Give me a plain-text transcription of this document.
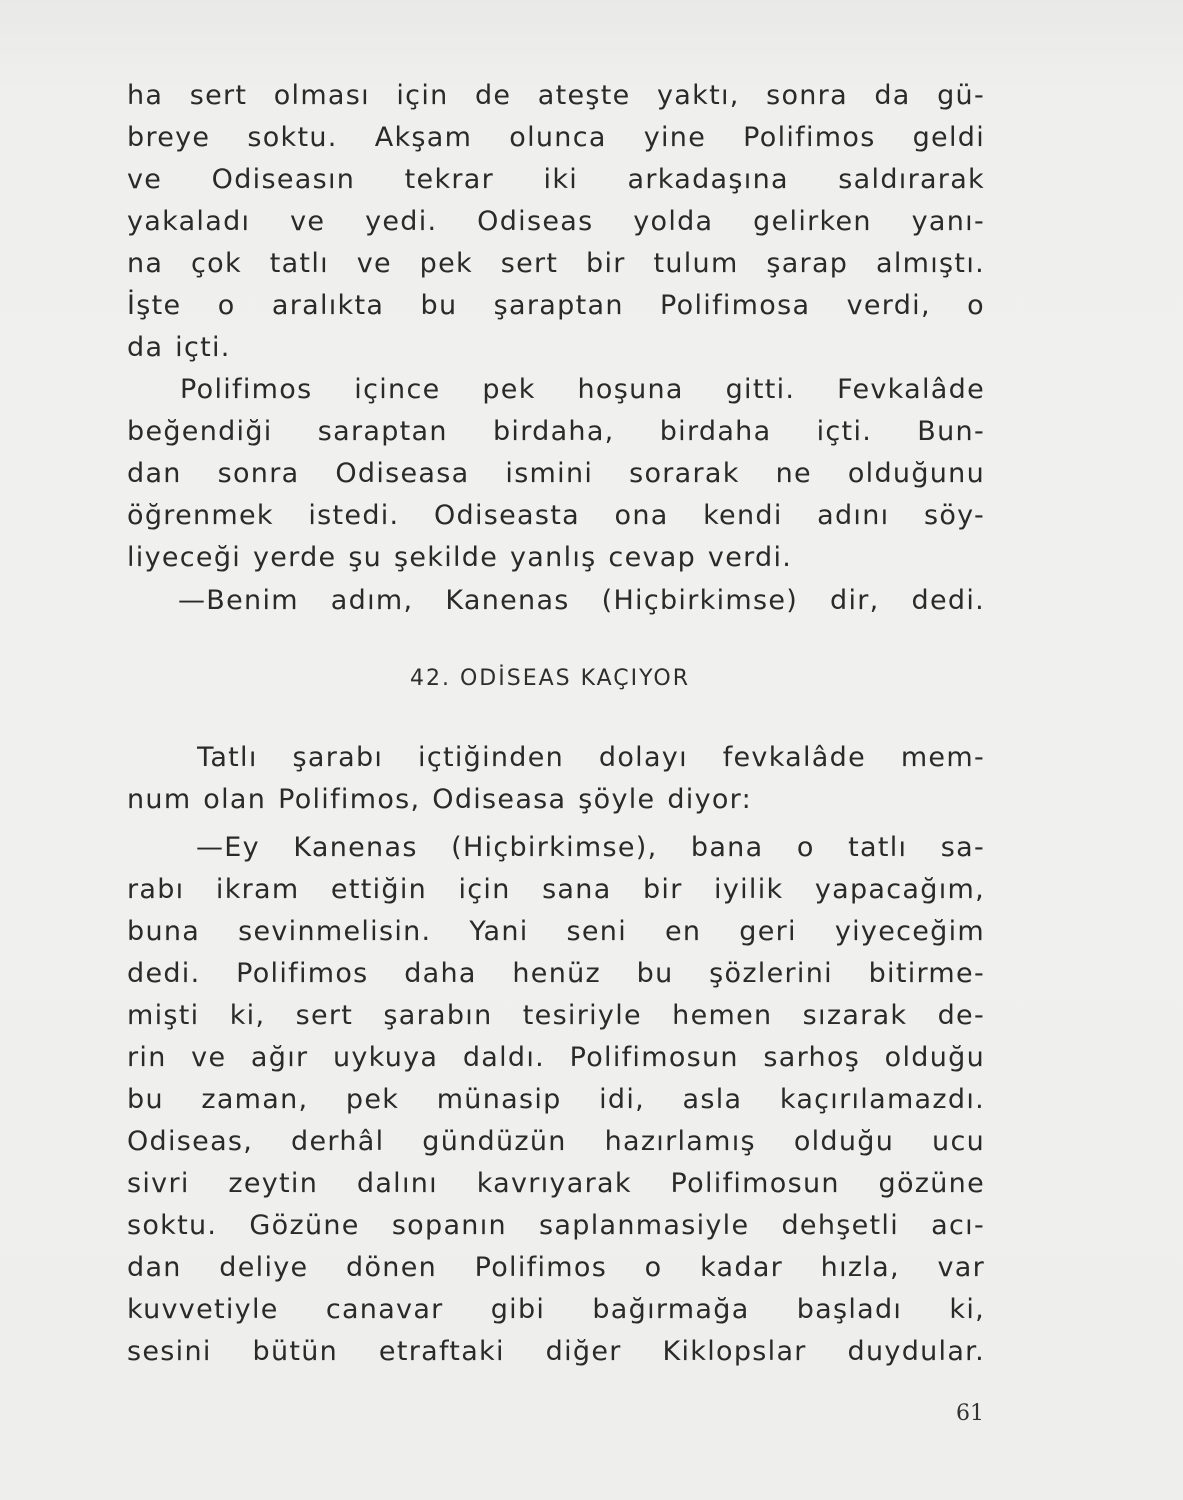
ha sert olması için de ateşte yaktı, sonra da gü-
breye soktu. Akşam olunca yine Polifimos geldi
ve Odiseasın tekrar iki arkadaşına saldırarak
yakaladı ve yedi. Odiseas yolda gelirken yanı-
na çok tatlı ve pek sert bir tulum şarap almıştı.
İşte o aralıkta bu şaraptan Polifimosa verdi, o
da içti.
Polifimos içince pek hoşuna gitti. Fevkalâde
beğendiği saraptan birdaha, birdaha içti. Bun-
dan sonra Odiseasa ismini sorarak ne olduğunu
öğrenmek istedi. Odiseasta ona kendi adını söy-
liyeceği yerde şu şekilde yanlış cevap verdi.
—Benim adım, Kanenas (Hiçbirkimse) dir, dedi.
42. ODİSEAS KAÇIYOR
Tatlı şarabı içtiğinden dolayı fevkalâde mem-
num olan Polifimos, Odiseasa şöyle diyor:
—Ey Kanenas (Hiçbirkimse), bana o tatlı sa-
rabı ikram ettiğin için sana bir iyilik yapacağım,
buna sevinmelisin. Yani seni en geri yiyeceğim
dedi. Polifimos daha henüz bu şözlerini bitirme-
mişti ki, sert şarabın tesiriyle hemen sızarak de-
rin ve ağır uykuya daldı. Polifimosun sarhoş olduğu
bu zaman, pek münasip idi, asla kaçırılamazdı.
Odiseas, derhâl gündüzün hazırlamış olduğu ucu
sivri zeytin dalını kavrıyarak Polifimosun gözüne
soktu. Gözüne sopanın saplanmasiyle dehşetli acı-
dan deliye dönen Polifimos o kadar hızla, var
kuvvetiyle canavar gibi bağırmağa başladı ki,
sesini bütün etraftaki diğer Kiklopslar duydular.
61
